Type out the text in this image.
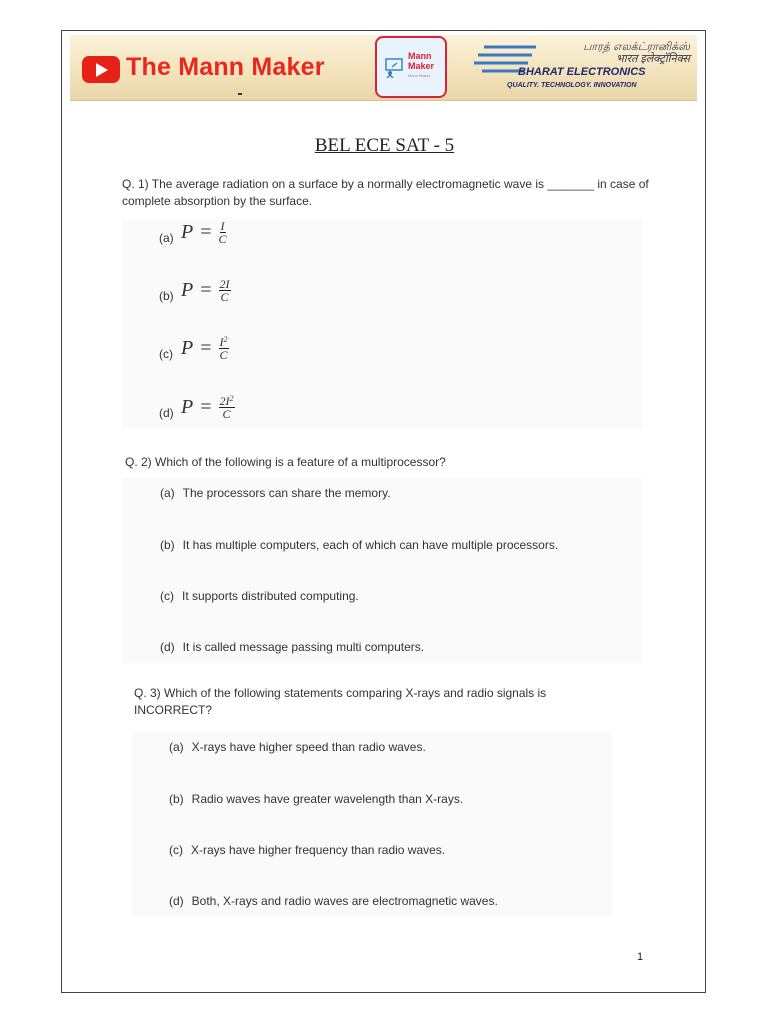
The Mann Maker	Mann Maker
Mann Maker
பாரத் எலக்ட்ரானிக்ஸ்
भारत इलेक्ट्रॉनिक्स
BHARAT ELECTRONICS
QUALITY. TECHNOLOGY. INNOVATION
BEL ECE SAT - 5
Q. 1) The average radiation on a surface by a normally electromagnetic wave is _______ in case of complete absorption by the surface.
(a) $P = \frac{I}{C}$
(b) $P = \frac{2I}{C}$
(c) $P = \frac{I^2}{C}$
(d) $P = \frac{2I^2}{C}$
Q. 2) Which of the following is a feature of a multiprocessor?
(a) The processors can share the memory.
(b) It has multiple computers, each of which can have multiple processors.
(c) It supports distributed computing.
(d) It is called message passing multi computers.
Q. 3) Which of the following statements comparing X-rays and radio signals is INCORRECT?
(a) X-rays have higher speed than radio waves.
(b) Radio waves have greater wavelength than X-rays.
(c) X-rays have higher frequency than radio waves.
(d) Both, X-rays and radio waves are electromagnetic waves.
1
